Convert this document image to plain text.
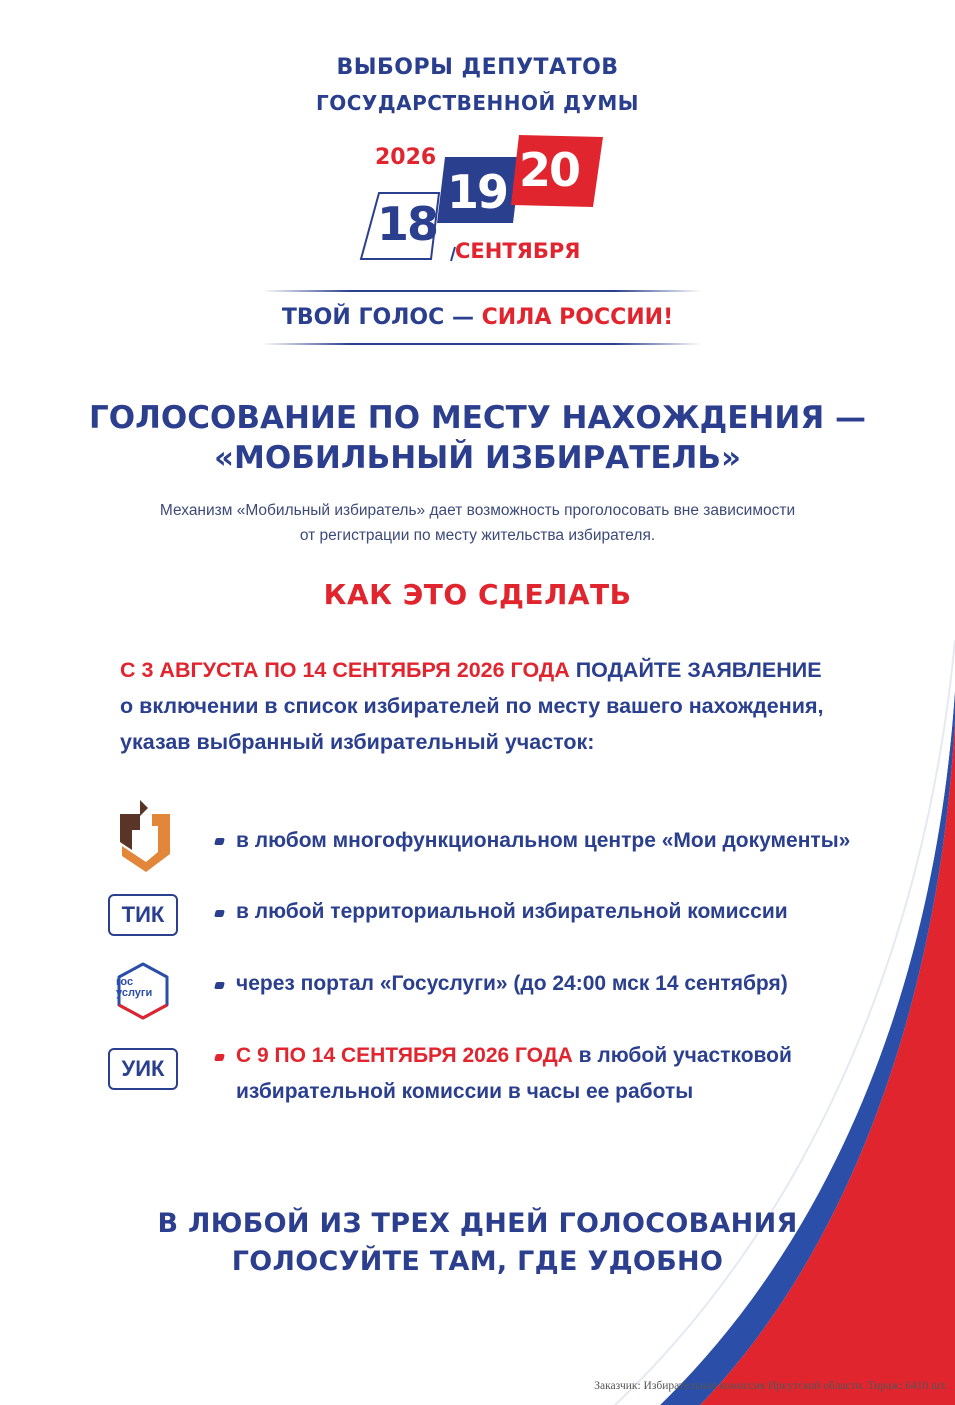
ВЫБОРЫ ДЕПУТАТОВ
ГОСУДАРСТВЕННОЙ ДУМЫ
2026
18
19 20
СЕНТЯБРЯ
ТВОЙ ГОЛОС — СИЛА РОССИИ!
ГОЛОСОВАНИЕ ПО МЕСТУ НАХОЖДЕНИЯ —
«МОБИЛЬНЫЙ ИЗБИРАТЕЛЬ»
Механизм «Мобильный избиратель» дает возможность проголосовать вне зависимости
от регистрации по месту жительства избирателя.
КАК ЭТО СДЕЛАТЬ
С 3 АВГУСТА ПО 14 СЕНТЯБРЯ 2026 ГОДА ПОДАЙТЕ ЗАЯВЛЕНИЕ
о включении в список избирателей по месту вашего нахождения,
указав выбранный избирательный участок:
в любом многофункциональном центре «Мои документы»
ТИК	в любой территориальной избирательной комиссии
гос
услуги	через портал «Госуслуги» (до 24:00 мск 14 сентября)
УИК
С 9 ПО 14 СЕНТЯБРЯ 2026 ГОДА в любой участковой
избирательной комиссии в часы ее работы
В ЛЮБОЙ ИЗ ТРЕХ ДНЕЙ ГОЛОСОВАНИЯ
ГОЛОСУЙТЕ ТАМ, ГДЕ УДОБНО
Заказчик: Избирательная комиссия Иркутской области. Тираж: 6410 шт.
